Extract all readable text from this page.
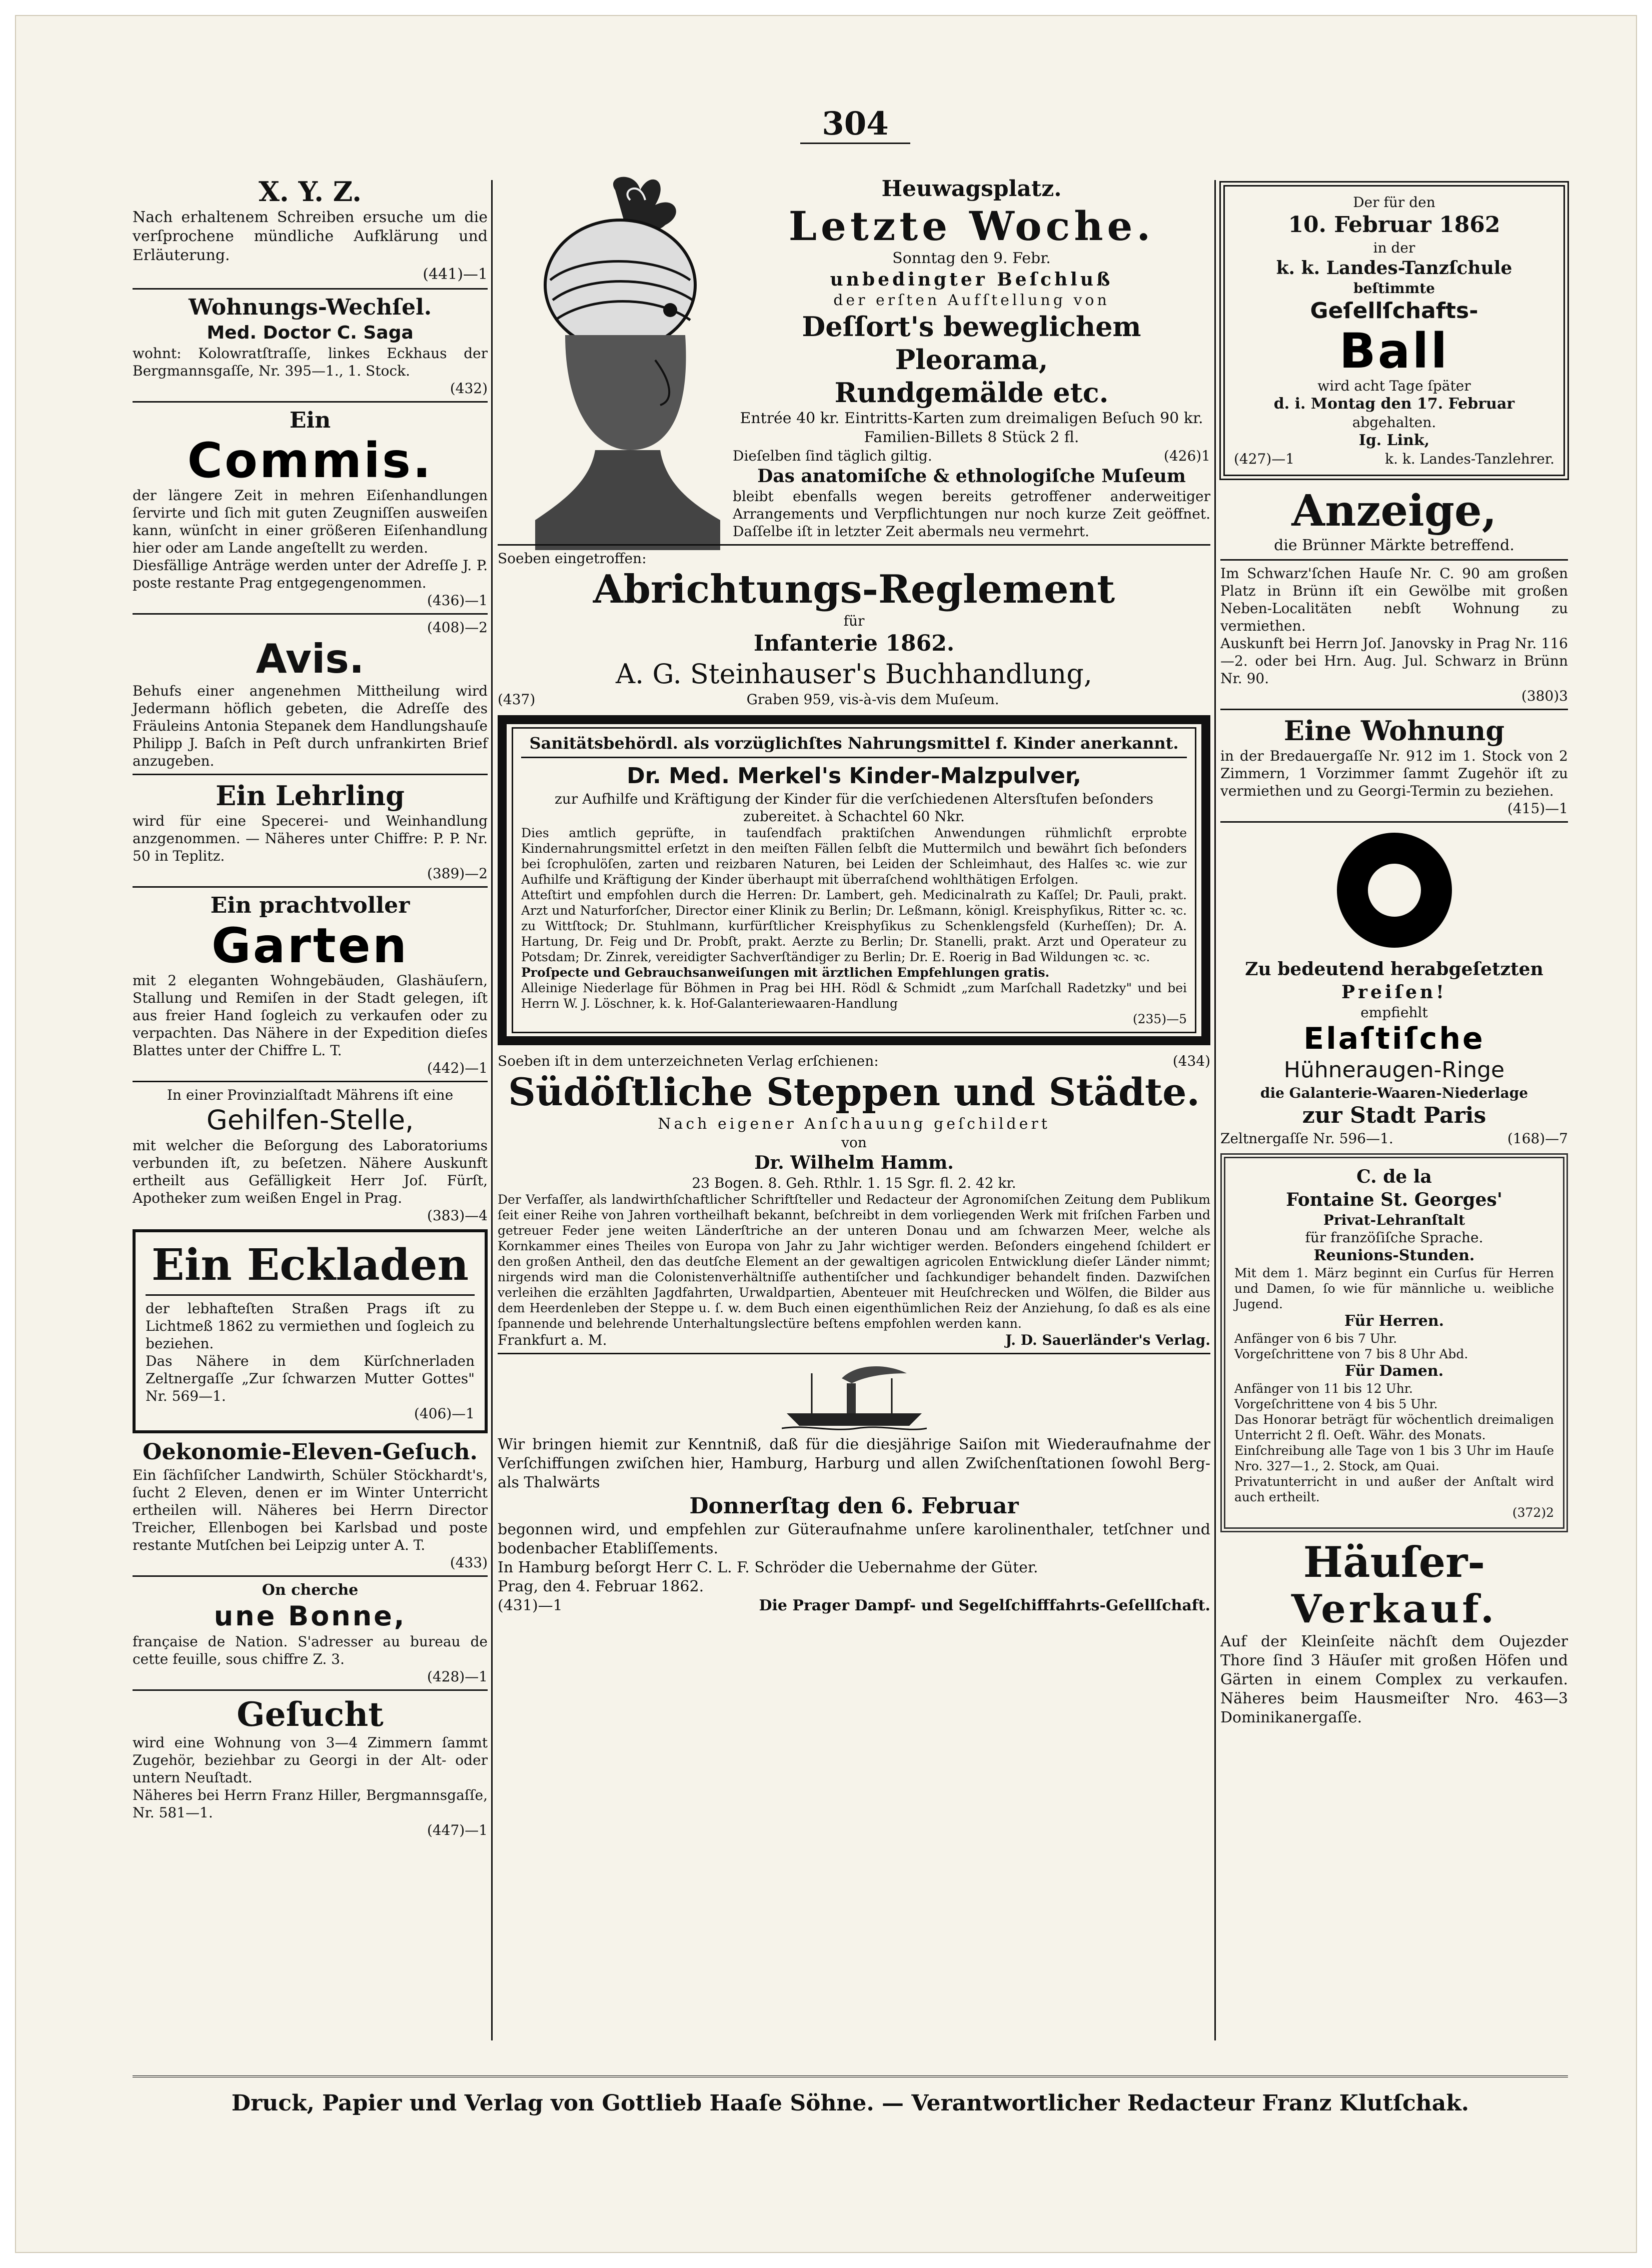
304
X. Y. Z.
Nach erhaltenem Schreiben ersuche um die verſprochene mündliche Aufklärung und Erläuterung.
(441)—1
Wohnungs-Wechſel.
Med. Doctor C. Saga
wohnt: Kolowratſtraſſe, linkes Eckhaus der Bergmannsgaſſe, Nr. 395—1., 1. Stock.
(432)
Ein
Commis.
der längere Zeit in mehren Eiſenhandlungen ſervirte und ſich mit guten Zeugniſſen ausweiſen kann, wünſcht in einer größeren Eiſenhandlung hier oder am Lande angeſtellt zu werden.
Diesfällige Anträge werden unter der Adreſſe J. P. poste restante Prag entgegengenommen.
(436)—1
(408)—2
Avis.
Behufs einer angenehmen Mittheilung wird Jedermann höflich gebeten, die Adreſſe des Fräuleins Antonia Stepanek dem Handlungshauſe Philipp J. Baſch in Peſt durch unfrankirten Brief anzugeben.
Ein Lehrling
wird für eine Specerei- und Weinhandlung anzgenommen. — Näheres unter Chiffre: P. P. Nr. 50 in Teplitz.
(389)—2
Ein prachtvoller
Garten
mit 2 eleganten Wohngebäuden, Glashäuſern, Stallung und Remiſen in der Stadt gelegen, iſt aus freier Hand ſogleich zu verkaufen oder zu verpachten. Das Nähere in der Expedition dieſes Blattes unter der Chiffre L. T.
(442)—1
In einer Provinzialſtadt Mährens iſt eine
Gehilfen-Stelle,
mit welcher die Beſorgung des Laboratoriums verbunden iſt, zu beſetzen. Nähere Auskunft ertheilt aus Gefälligkeit Herr Joſ. Fürſt, Apotheker zum weißen Engel in Prag.
(383)—4
Ein Eckladen
der lebhafteſten Straßen Prags iſt zu Lichtmeß 1862 zu vermiethen und ſogleich zu beziehen.
Das Nähere in dem Kürſchnerladen Zeltnergaſſe „Zur ſchwarzen Mutter Gottes" Nr. 569—1.
(406)—1
Oekonomie-Eleven-Geſuch.
Ein ſächſiſcher Landwirth, Schüler Stöckhardt's, ſucht 2 Eleven, denen er im Winter Unterricht ertheilen will. Näheres bei Herrn Director Treicher, Ellenbogen bei Karlsbad und poste restante Mutſchen bei Leipzig unter A. T.
(433)
On cherche
une Bonne,
française de Nation. S'adresser au bureau de cette feuille, sous chiffre Z. 3.
(428)—1
Geſucht
wird eine Wohnung von 3—4 Zimmern ſammt Zugehör, beziehbar zu Georgi in der Alt- oder untern Neuſtadt.
Näheres bei Herrn Franz Hiller, Bergmannsgaſſe, Nr. 581—1.
(447)—1
Heuwagsplatz.
Letzte Woche.
Sonntag den 9. Febr.
unbedingter Beſchluß
der erſten Aufſtellung von
Deſſort's beweglichem Pleorama,
Rundgemälde etc.
Entrée 40 kr. Eintritts-Karten zum dreimaligen Beſuch 90 kr. Familien-Billets 8 Stück 2 fl.
Dieſelben ſind täglich giltig.	(426)1
Das anatomiſche & ethnologiſche Muſeum
bleibt ebenfalls wegen bereits getroffener anderweitiger Arrangements und Verpflichtungen nur noch kurze Zeit geöffnet. Daſſelbe iſt in letzter Zeit abermals neu vermehrt.
Soeben eingetroffen:
Abrichtungs-Reglement
für
Infanterie 1862.
A. G. Steinhauser's Buchhandlung,
(437)	Graben 959, vis-à-vis dem Muſeum.
Sanitätsbehördl. als vorzüglichſtes Nahrungsmittel f. Kinder anerkannt.
Dr. Med. Merkel's Kinder-Malzpulver,
zur Aufhilfe und Kräftigung der Kinder für die verſchiedenen Altersſtufen beſonders zubereitet. à Schachtel 60 Nkr.
Dies amtlich geprüfte, in tauſendfach praktiſchen Anwendungen rühmlichſt erprobte Kindernahrungsmittel erſetzt in den meiſten Fällen ſelbſt die Muttermilch und bewährt ſich beſonders bei ſcrophulöſen, zarten und reizbaren Naturen, bei Leiden der Schleimhaut, des Halſes ꝛc. wie zur Aufhilfe und Kräftigung der Kinder überhaupt mit überraſchend wohlthätigen Erfolgen.
Atteſtirt und empfohlen durch die Herren: Dr. Lambert, geh. Medicinalrath zu Kaſſel; Dr. Pauli, prakt. Arzt und Naturforſcher, Director einer Klinik zu Berlin; Dr. Leßmann, königl. Kreisphyſikus, Ritter ꝛc. ꝛc. zu Wittſtock; Dr. Stuhlmann, kurfürſtlicher Kreisphyſikus zu Schenklengsfeld (Kurheſſen); Dr. A. Hartung, Dr. Feig und Dr. Probſt, prakt. Aerzte zu Berlin; Dr. Stanelli, prakt. Arzt und Operateur zu Potsdam; Dr. Zinrek, vereidigter Sachverſtändiger zu Berlin; Dr. E. Roerig in Bad Wildungen ꝛc. ꝛc.
Proſpecte und Gebrauchsanweiſungen mit ärztlichen Empfehlungen gratis.
Alleinige Niederlage für Böhmen in Prag bei HH. Rödl & Schmidt „zum Marſchall Radetzky" und bei Herrn W. J. Löschner, k. k. Hof-Galanteriewaaren-Handlung
(235)—5
Soeben iſt in dem unterzeichneten Verlag erſchienen:	(434)
Südöſtliche Steppen und Städte.
Nach eigener Anſchauung geſchildert
von
Dr. Wilhelm Hamm.
23 Bogen. 8. Geh. Rthlr. 1. 15 Sgr. fl. 2. 42 kr.
Der Verfaſſer, als landwirthſchaftlicher Schriftſteller und Redacteur der Agronomiſchen Zeitung dem Publikum ſeit einer Reihe von Jahren vortheilhaft bekannt, beſchreibt in dem vorliegenden Werk mit friſchen Farben und getreuer Feder jene weiten Länderſtriche an der unteren Donau und am ſchwarzen Meer, welche als Kornkammer eines Theiles von Europa von Jahr zu Jahr wichtiger werden. Beſonders eingehend ſchildert er den großen Antheil, den das deutſche Element an der gewaltigen agricolen Entwicklung dieſer Länder nimmt; nirgends wird man die Colonistenverhältniſſe authentiſcher und ſachkundiger behandelt finden. Dazwiſchen verleihen die erzählten Jagdfahrten, Urwaldpartien, Abenteuer mit Heuſchrecken und Wölfen, die Bilder aus dem Heerdenleben der Steppe u. ſ. w. dem Buch einen eigenthümlichen Reiz der Anziehung, ſo daß es als eine ſpannende und belehrende Unterhaltungslectüre beſtens empfohlen werden kann.
Frankfurt a. M.	J. D. Sauerländer's Verlag.
Wir bringen hiemit zur Kenntniß, daß für die diesjährige Saiſon mit Wiederaufnahme der Verſchiffungen zwiſchen hier, Hamburg, Harburg und allen Zwiſchenſtationen ſowohl Berg- als Thalwärts
Donnerſtag den 6. Februar
begonnen wird, und empfehlen zur Güteraufnahme unſere karolinenthaler, tetſchner und bodenbacher Etabliſſements.
In Hamburg beſorgt Herr C. L. F. Schröder die Uebernahme der Güter.
Prag, den 4. Februar 1862.
(431)—1	Die Prager Dampf- und Segelſchifffahrts-Geſellſchaft.
Der für den
10. Februar 1862
in der
k. k. Landes-Tanzſchule
beſtimmte
Geſellſchafts-
Ball
wird acht Tage ſpäter
d. i. Montag den 17. Februar
abgehalten.
Ig. Link,
(427)—1	k. k. Landes-Tanzlehrer.
Anzeige,
die Brünner Märkte betreffend.
Im Schwarz'ſchen Hauſe Nr. C. 90 am großen Platz in Brünn iſt ein Gewölbe mit großen Neben-Localitäten nebſt Wohnung zu vermiethen.
Auskunft bei Herrn Joſ. Janovsky in Prag Nr. 116—2. oder bei Hrn. Aug. Jul. Schwarz in Brünn Nr. 90.
(380)3
Eine Wohnung
in der Bredauergaſſe Nr. 912 im 1. Stock von 2 Zimmern, 1 Vorzimmer ſammt Zugehör iſt zu vermiethen und zu Georgi-Termin zu beziehen.
(415)—1
Zu bedeutend herabgeſetzten
Preiſen!
empfiehlt
Elaſtiſche
Hühneraugen-Ringe
die Galanterie-Waaren-Niederlage
zur Stadt Paris
Zeltnergaſſe Nr. 596—1.	(168)—7
C. de la
Fontaine St. Georges'
Privat-Lehranſtalt
für franzöſiſche Sprache.
Reunions-Stunden.
Mit dem 1. März beginnt ein Curſus für Herren und Damen, ſo wie für männliche u. weibliche Jugend.
Für Herren.
Anfänger von 6 bis 7 Uhr.
Vorgeſchrittene von 7 bis 8 Uhr Abd.
Für Damen.
Anfänger von 11 bis 12 Uhr.
Vorgeſchrittene von 4 bis 5 Uhr.
Das Honorar beträgt für wöchentlich dreimaligen Unterricht 2 fl. Oeſt. Währ. des Monats.
Einſchreibung alle Tage von 1 bis 3 Uhr im Hauſe Nro. 327—1., 2. Stock, am Quai.
Privatunterricht in und außer der Anſtalt wird auch ertheilt.
(372)2
Häuſer-
Verkauf.
Auf der Kleinſeite nächſt dem Oujezder Thore ſind 3 Häuſer mit großen Höfen und Gärten in einem Complex zu verkaufen. Näheres beim Hausmeiſter Nro. 463—3 Dominikanergaſſe.
Druck, Papier und Verlag von Gottlieb Haaſe Söhne. — Verantwortlicher Redacteur Franz Klutſchak.
